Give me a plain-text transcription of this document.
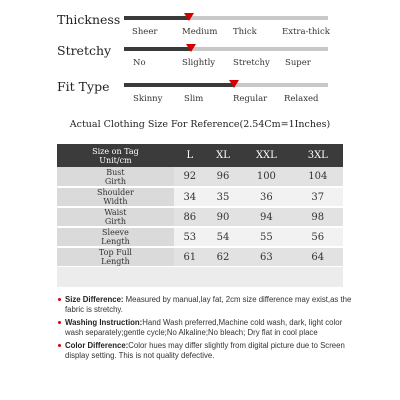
Thickness
Sheer	Medium Thick	Extra-thick
Stretchy
No	Slightly Stretchy Super
Fit Type
Skinny	Slim	Regular Relaxed
Actual Clothing Size For Reference(2.54Cm=1Inches)
Size on Tag
Unit/cm	L	XL	XXL	3XL
Bust
Girth	92	96	100	104
Shoulder
Width	34	35	36	37
Waist
Girth	86	90	94	98
Sleeve
Length	53	54	55	56
Top Full
Length	61	62	63	64
Size Difference: Measured by manual,lay fat, 2cm size difference may exist,as the fabric is stretchy.
Washing Instruction:Hand Wash preferred,Machine cold wash, dark, light color wash separately;gentle cycle;No Alkaline;No bleach; Dry flat in cool place
Color Difference:Color hues may differ slightly from digital picture due to Screen display setting. This is not quality defective.
